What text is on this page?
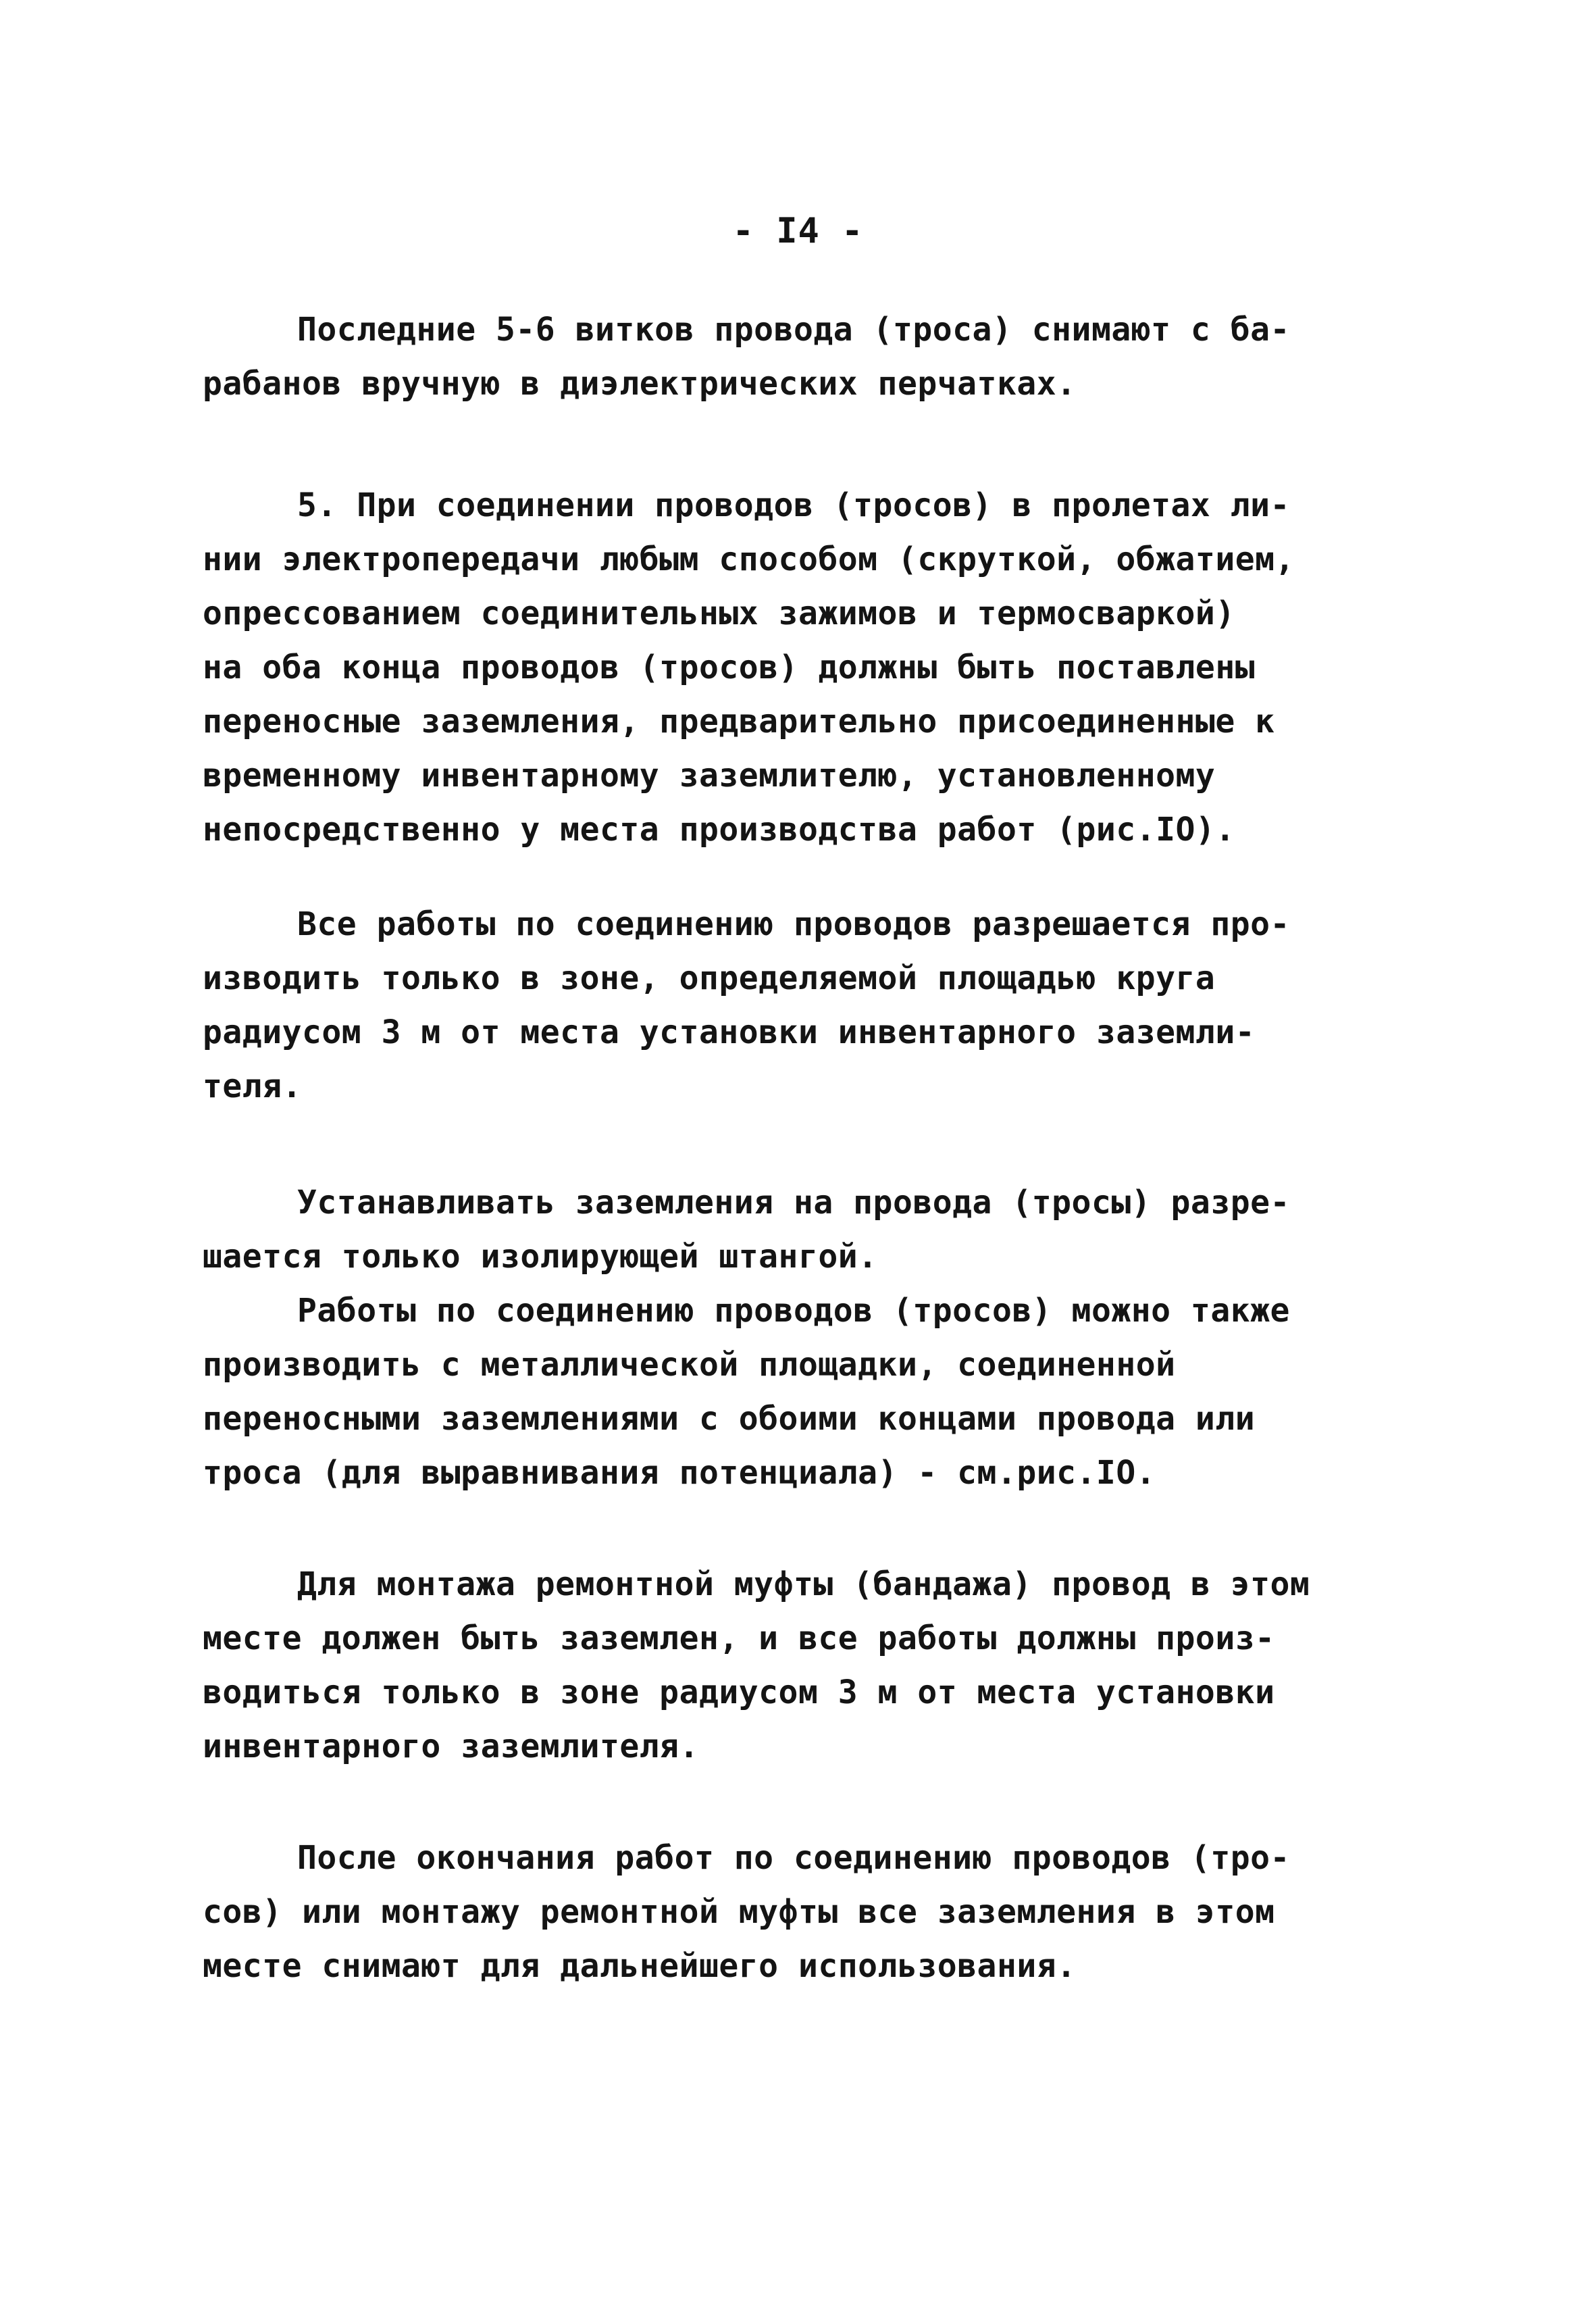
- I4 -
Последние 5-6 витков провода (троса) снимают с ба-
рабанов вручную в диэлектрических перчатках.
5. При соединении проводов (тросов) в пролетах ли-
нии электропередачи любым способом (скруткой, обжатием,
опрессованием соединительных зажимов и термосваркой)
на оба конца проводов (тросов) должны быть поставлены
переносные заземления, предварительно присоединенные к
временному инвентарному заземлителю, установленному
непосредственно у места производства работ (рис.IO).
Все работы по соединению проводов разрешается про-
изводить только в зоне, определяемой площадью круга
радиусом 3 м от места установки инвентарного заземли-
теля.
Устанавливать заземления на провода (тросы) разре-
шается только изолирующей штангой.
Работы по соединению проводов (тросов) можно также
производить с металлической площадки, соединенной
переносными заземлениями с обоими концами провода или
троса (для выравнивания потенциала) - см.рис.IO.
Для монтажа ремонтной муфты (бандажа) провод в этом
месте должен быть заземлен, и все работы должны произ-
водиться только в зоне радиусом 3 м от места установки
инвентарного заземлителя.
После окончания работ по соединению проводов (тро-
сов) или монтажу ремонтной муфты все заземления в этом
месте снимают для дальнейшего использования.
